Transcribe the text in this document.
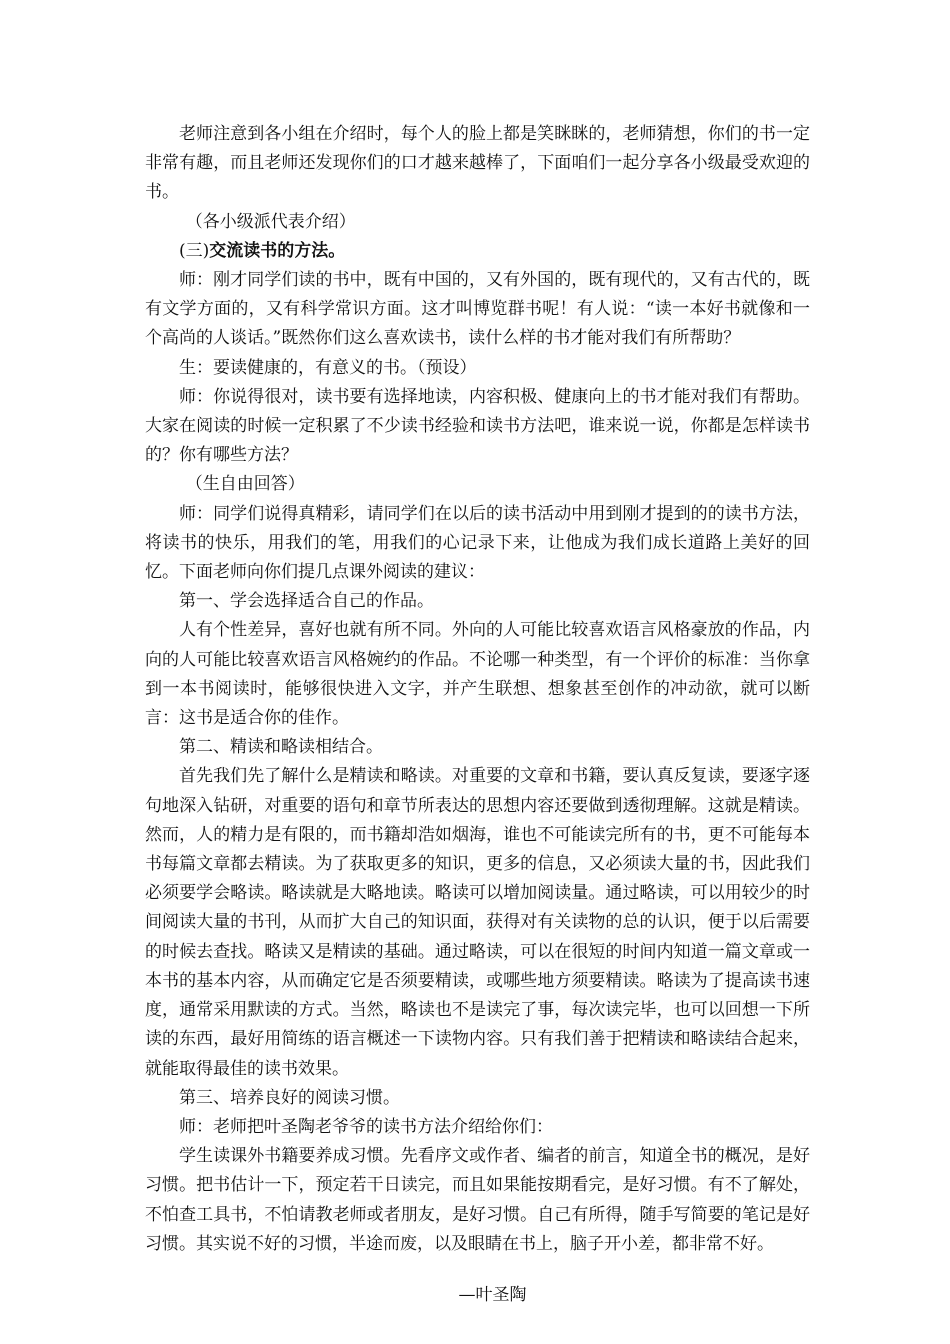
老师注意到各小组在介绍时，每个人的脸上都是笑眯眯的，老师猜想，你们的书一定非常有趣，而且老师还发现你们的口才越来越棒了，下面咱们一起分享各小级最受欢迎的书。

（各小级派代表介绍）

(三)交流读书的方法。

师：刚才同学们读的书中，既有中国的，又有外国的，既有现代的，又有古代的，既有文学方面的，又有科学常识方面。这才叫博览群书呢！有人说：“读一本好书就像和一个高尚的人谈话。”既然你们这么喜欢读书，读什么样的书才能对我们有所帮助？

生：要读健康的，有意义的书。（预设）

师：你说得很对，读书要有选择地读，内容积极、健康向上的书才能对我们有帮助。大家在阅读的时候一定积累了不少读书经验和读书方法吧，谁来说一说，你都是怎样读书的？你有哪些方法？

（生自由回答）

师：同学们说得真精彩，请同学们在以后的读书活动中用到刚才提到的的读书方法，将读书的快乐，用我们的笔，用我们的心记录下来，让他成为我们成长道路上美好的回忆。下面老师向你们提几点课外阅读的建议：

第一、学会选择适合自己的作品。

人有个性差异，喜好也就有所不同。外向的人可能比较喜欢语言风格豪放的作品，内向的人可能比较喜欢语言风格婉约的作品。不论哪一种类型，有一个评价的标准：当你拿到一本书阅读时，能够很快进入文字，并产生联想、想象甚至创作的冲动欲，就可以断言：这书是适合你的佳作。

第二、精读和略读相结合。

首先我们先了解什么是精读和略读。对重要的文章和书籍，要认真反复读，要逐字逐句地深入钻研，对重要的语句和章节所表达的思想内容还要做到透彻理解。这就是精读。然而，人的精力是有限的，而书籍却浩如烟海，谁也不可能读完所有的书，更不可能每本书每篇文章都去精读。为了获取更多的知识，更多的信息，又必须读大量的书，因此我们必须要学会略读。略读就是大略地读。略读可以增加阅读量。通过略读，可以用较少的时间阅读大量的书刊，从而扩大自己的知识面，获得对有关读物的总的认识，便于以后需要的时候去查找。略读又是精读的基础。通过略读，可以在很短的时间内知道一篇文章或一本书的基本内容，从而确定它是否须要精读，或哪些地方须要精读。略读为了提高读书速度，通常采用默读的方式。当然，略读也不是读完了事，每次读完毕，也可以回想一下所读的东西，最好用简练的语言概述一下读物内容。只有我们善于把精读和略读结合起来，就能取得最佳的读书效果。

第三、培养良好的阅读习惯。

师：老师把叶圣陶老爷爷的读书方法介绍给你们：

学生读课外书籍要养成习惯。先看序文或作者、编者的前言，知道全书的概况，是好习惯。把书估计一下，预定若干日读完，而且如果能按期看完，是好习惯。有不了解处，不怕查工具书，不怕请教老师或者朋友，是好习惯。自己有所得，随手写简要的笔记是好习惯。其实说不好的习惯，半途而废，以及眼睛在书上，脑子开小差，都非常不好。

—叶圣陶
